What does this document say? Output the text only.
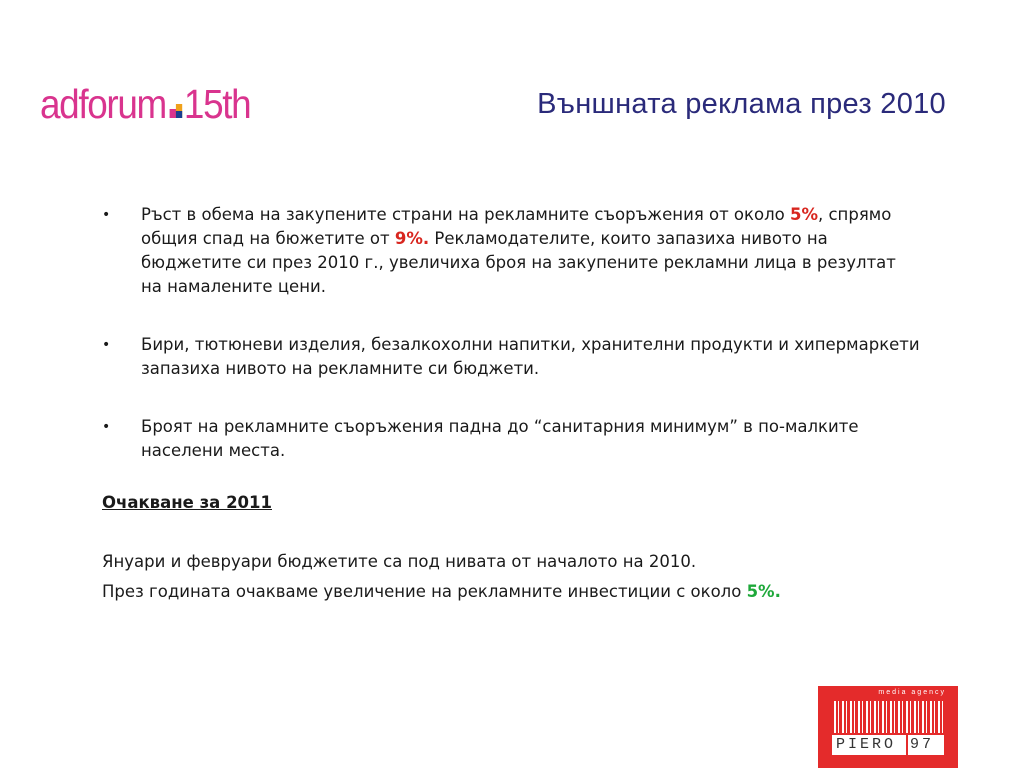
adforum 15th	Външната реклама през 2010
• Ръст в обема на закупените страни на рекламните съоръжения от около 5%, спрямо общия спад на бюжетите от 9%. Рекламодателите, които запазиха нивото на бюджетите си през 2010 г., увеличиха броя на закупените рекламни лица в резултат на намалените цени.
• Бири, тютюневи изделия, безалкохолни напитки, хранителни продукти и хипермаркети запазиха нивото на рекламните си бюджети.
• Броят на рекламните съоръжения падна до “санитарния минимум” в по-малките населени места.

Очакване за 2011

Януари и февруари бюджетите са под нивата от началото на 2010.

През годината очакваме увеличение на рекламните инвестиции с около 5%.

media agency
PIERO 97
